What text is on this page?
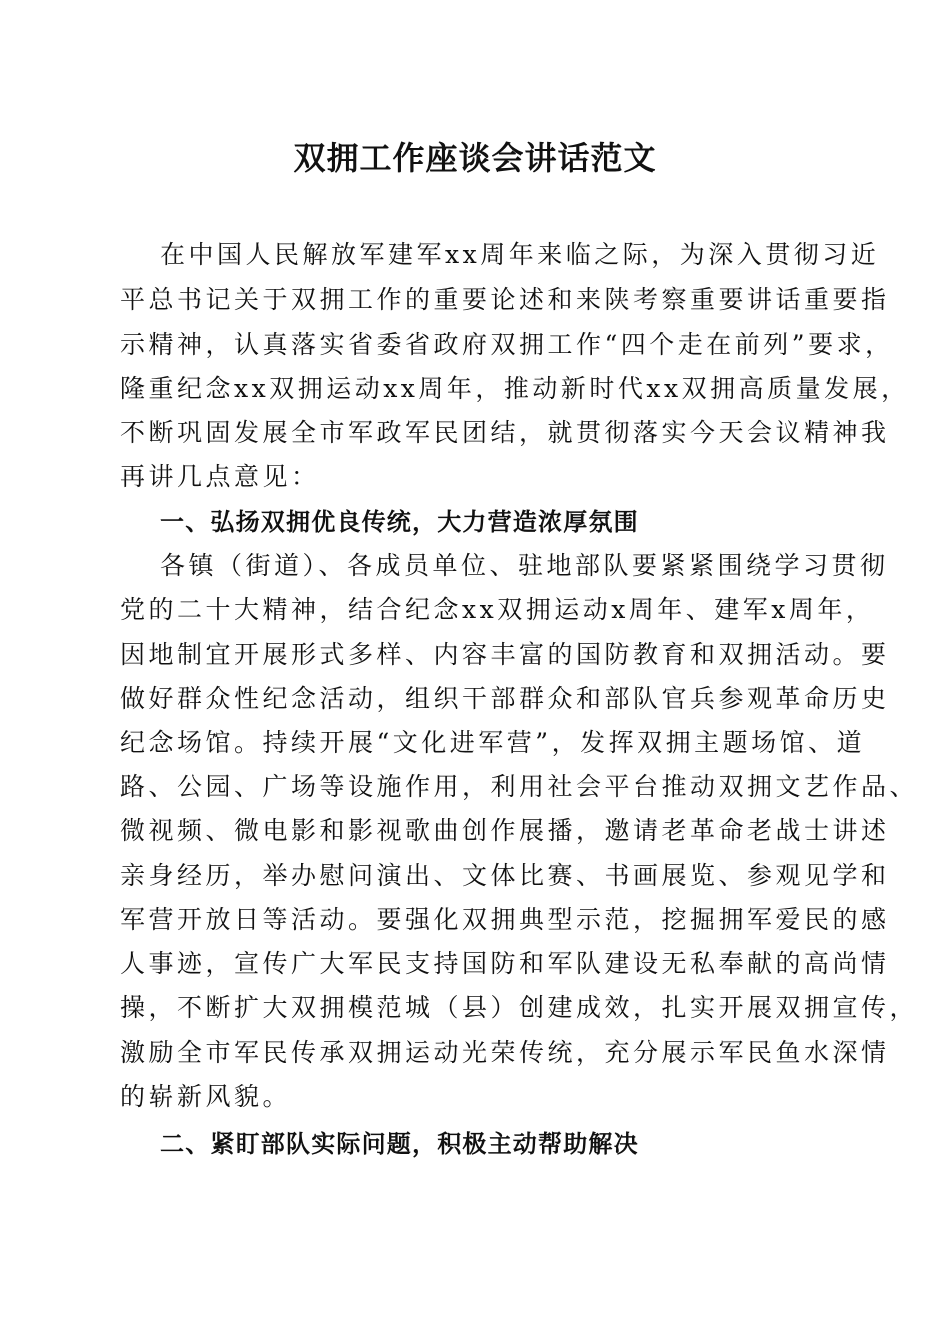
双拥工作座谈会讲话范文
在中国人民解放军建军xx周年来临之际，为深入贯彻习近
平总书记关于双拥工作的重要论述和来陕考察重要讲话重要指
示精神，认真落实省委省政府双拥工作“四个走在前列”要求，
隆重纪念xx双拥运动xx周年，推动新时代xx双拥高质量发展，
不断巩固发展全市军政军民团结，就贯彻落实今天会议精神我
再讲几点意见：
一、弘扬双拥优良传统，大力营造浓厚氛围
各镇（街道）、各成员单位、驻地部队要紧紧围绕学习贯彻
党的二十大精神，结合纪念xx双拥运动x周年、建军x周年，
因地制宜开展形式多样、内容丰富的国防教育和双拥活动。要
做好群众性纪念活动，组织干部群众和部队官兵参观革命历史
纪念场馆。持续开展“文化进军营”，发挥双拥主题场馆、道
路、公园、广场等设施作用，利用社会平台推动双拥文艺作品、
微视频、微电影和影视歌曲创作展播，邀请老革命老战士讲述
亲身经历，举办慰问演出、文体比赛、书画展览、参观见学和
军营开放日等活动。要强化双拥典型示范，挖掘拥军爱民的感
人事迹，宣传广大军民支持国防和军队建设无私奉献的高尚情
操，不断扩大双拥模范城（县）创建成效，扎实开展双拥宣传，
激励全市军民传承双拥运动光荣传统，充分展示军民鱼水深情
的崭新风貌。
二、紧盯部队实际问题，积极主动帮助解决
